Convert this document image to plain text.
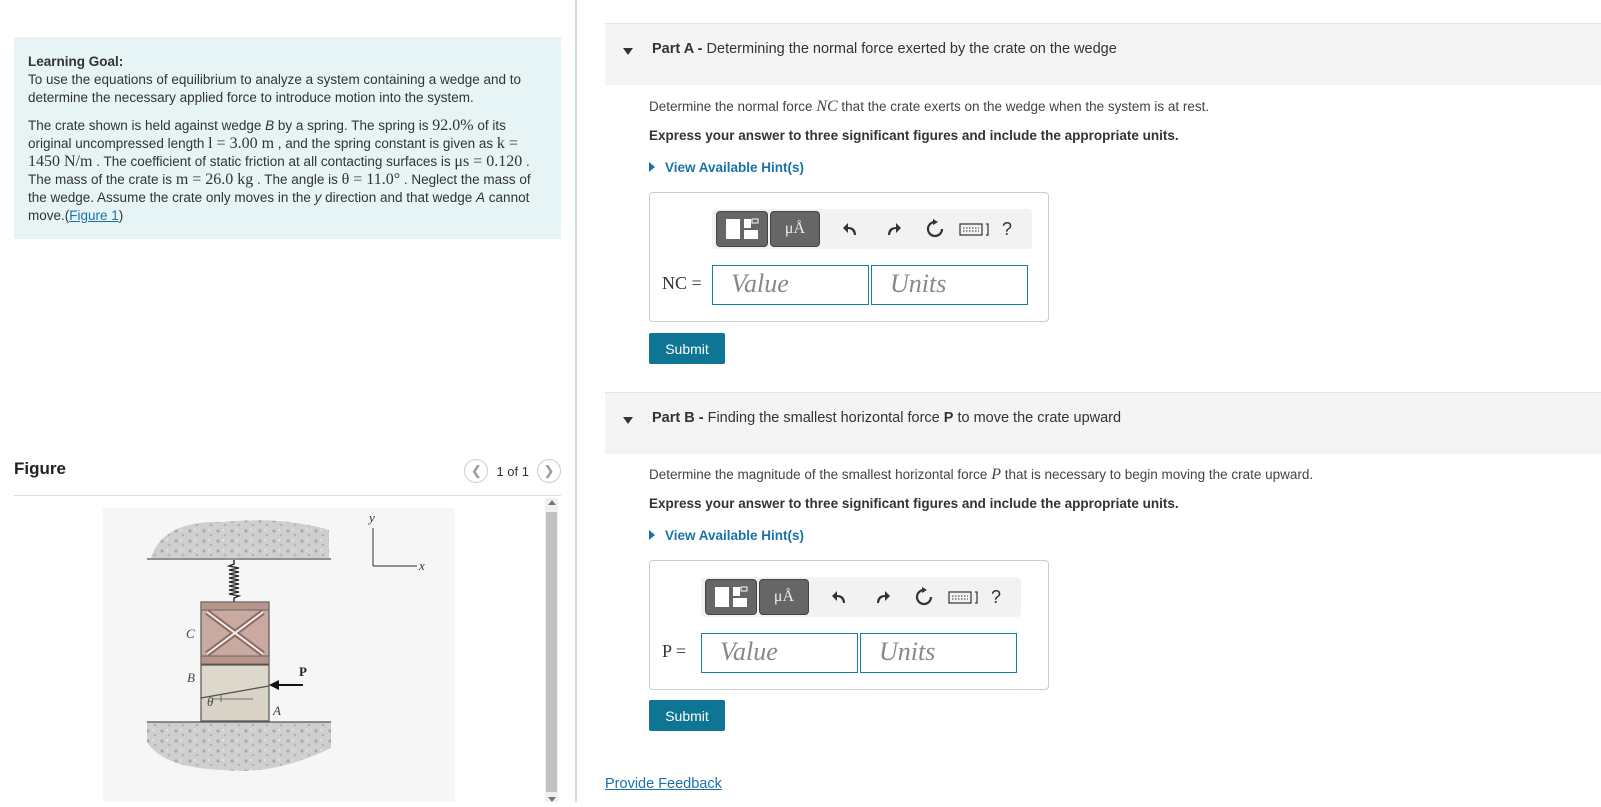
Learning Goal:
To use the equations of equilibrium to analyze a system containing a wedge and to determine the necessary applied force to introduce motion into the system.

The crate shown is held against wedge B by a spring. The spring is 92.0% of its original uncompressed length l = 3.00 m , and the spring constant is given as k = 1450 N/m . The coefficient of static friction at all contacting surfaces is μs = 0.120 . The mass of the crate is m = 26.0 kg . The angle is θ = 11.0° . Neglect the mass of the wedge. Assume the crate only moves in the y direction and that wedge A cannot move.(Figure 1)

Figure	❮ 1 of 1 ❯
y
x
C
B
θ
A
P
Part A - Determining the normal force exerted by the crate on the wedge
Determine the normal force NC that the crate exerts on the wedge when the system is at rest.
Express your answer to three significant figures and include the appropriate units.
View Available Hint(s)
μÅ	?
NC =	Value	Units
Submit
Part B - Finding the smallest horizontal force P to move the crate upward
Determine the magnitude of the smallest horizontal force P that is necessary to begin moving the crate upward.
Express your answer to three significant figures and include the appropriate units.
View Available Hint(s)
μÅ	?
P =	Value	Units
Submit
Provide Feedback
